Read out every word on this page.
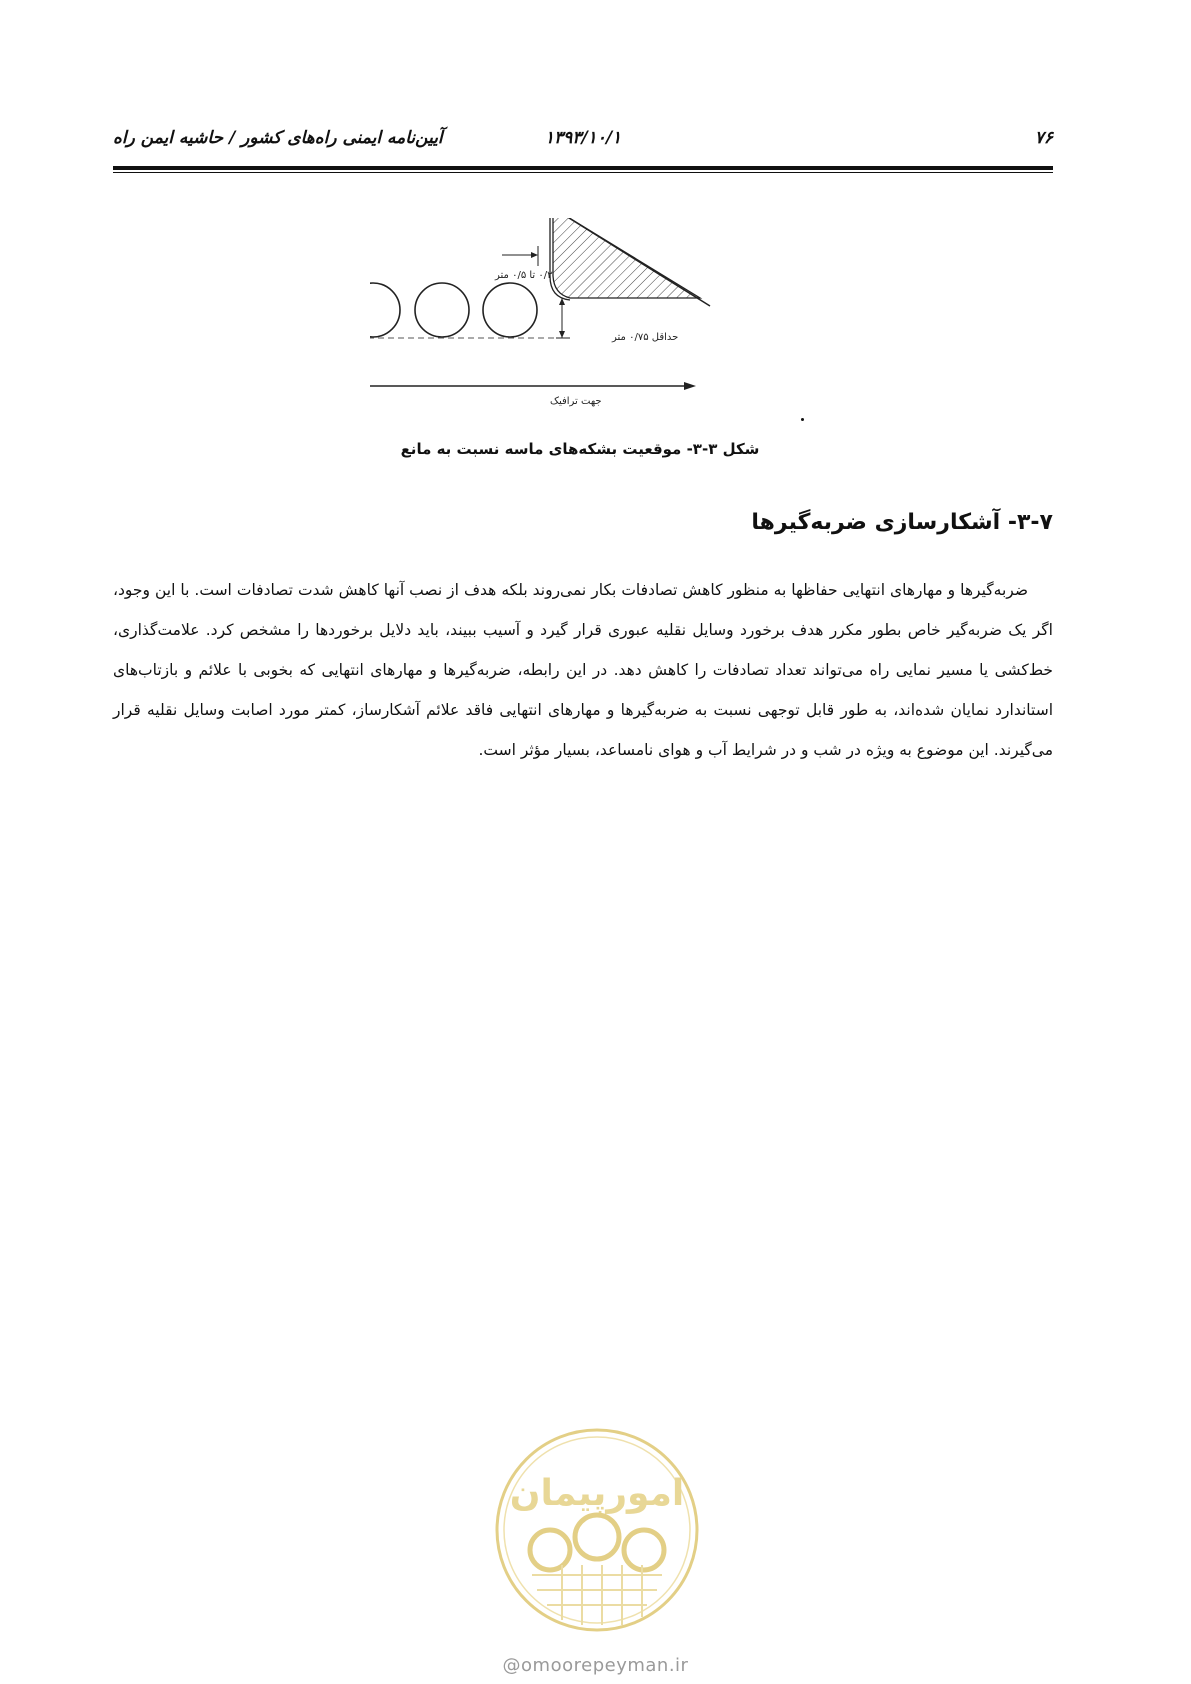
۷۶
۱۳۹۳/۱۰/۱
آیین‌نامه ایمنی راه‌های کشور / حاشیه ایمن راه
۰/۳ تا ۰/۵ متر
حداقل ۰/۷۵ متر
جهت ترافیک
شکل ۳-۳- موقعیت بشکه‌های ماسه نسبت به مانع
۳-۷- آشکارسازی ضربه‌گیرها

ضربه‌گیرها و مهارهای انتهایی حفاظها به منظور کاهش تصادفات بکار نمی‌روند بلکه هدف از نصب آنها کاهش شدت تصادفات است. با این وجود، اگر یک ضربه‌گیر خاص بطور مکرر هدف برخورد وسایل نقلیه عبوری قرار گیرد و آسیب ببیند، باید دلایل برخوردها را مشخص کرد. علامت‌گذاری، خط‌کشی یا مسیر نمایی راه می‌تواند تعداد تصادفات را کاهش دهد. در این رابطه، ضربه‌گیرها و مهارهای انتهایی که بخوبی با علائم و بازتاب‌های استاندارد نمایان شده‌اند، به طور قابل توجهی نسبت به ضربه‌گیرها و مهارهای انتهایی فاقد علائم آشکارساز، کمتر مورد اصابت وسایل نقلیه قرار می‌گیرند. این موضوع به ویژه در شب و در شرایط آب و هوای نامساعد، بسیار مؤثر است.

امورپیمان
@omoorepeyman.ir
